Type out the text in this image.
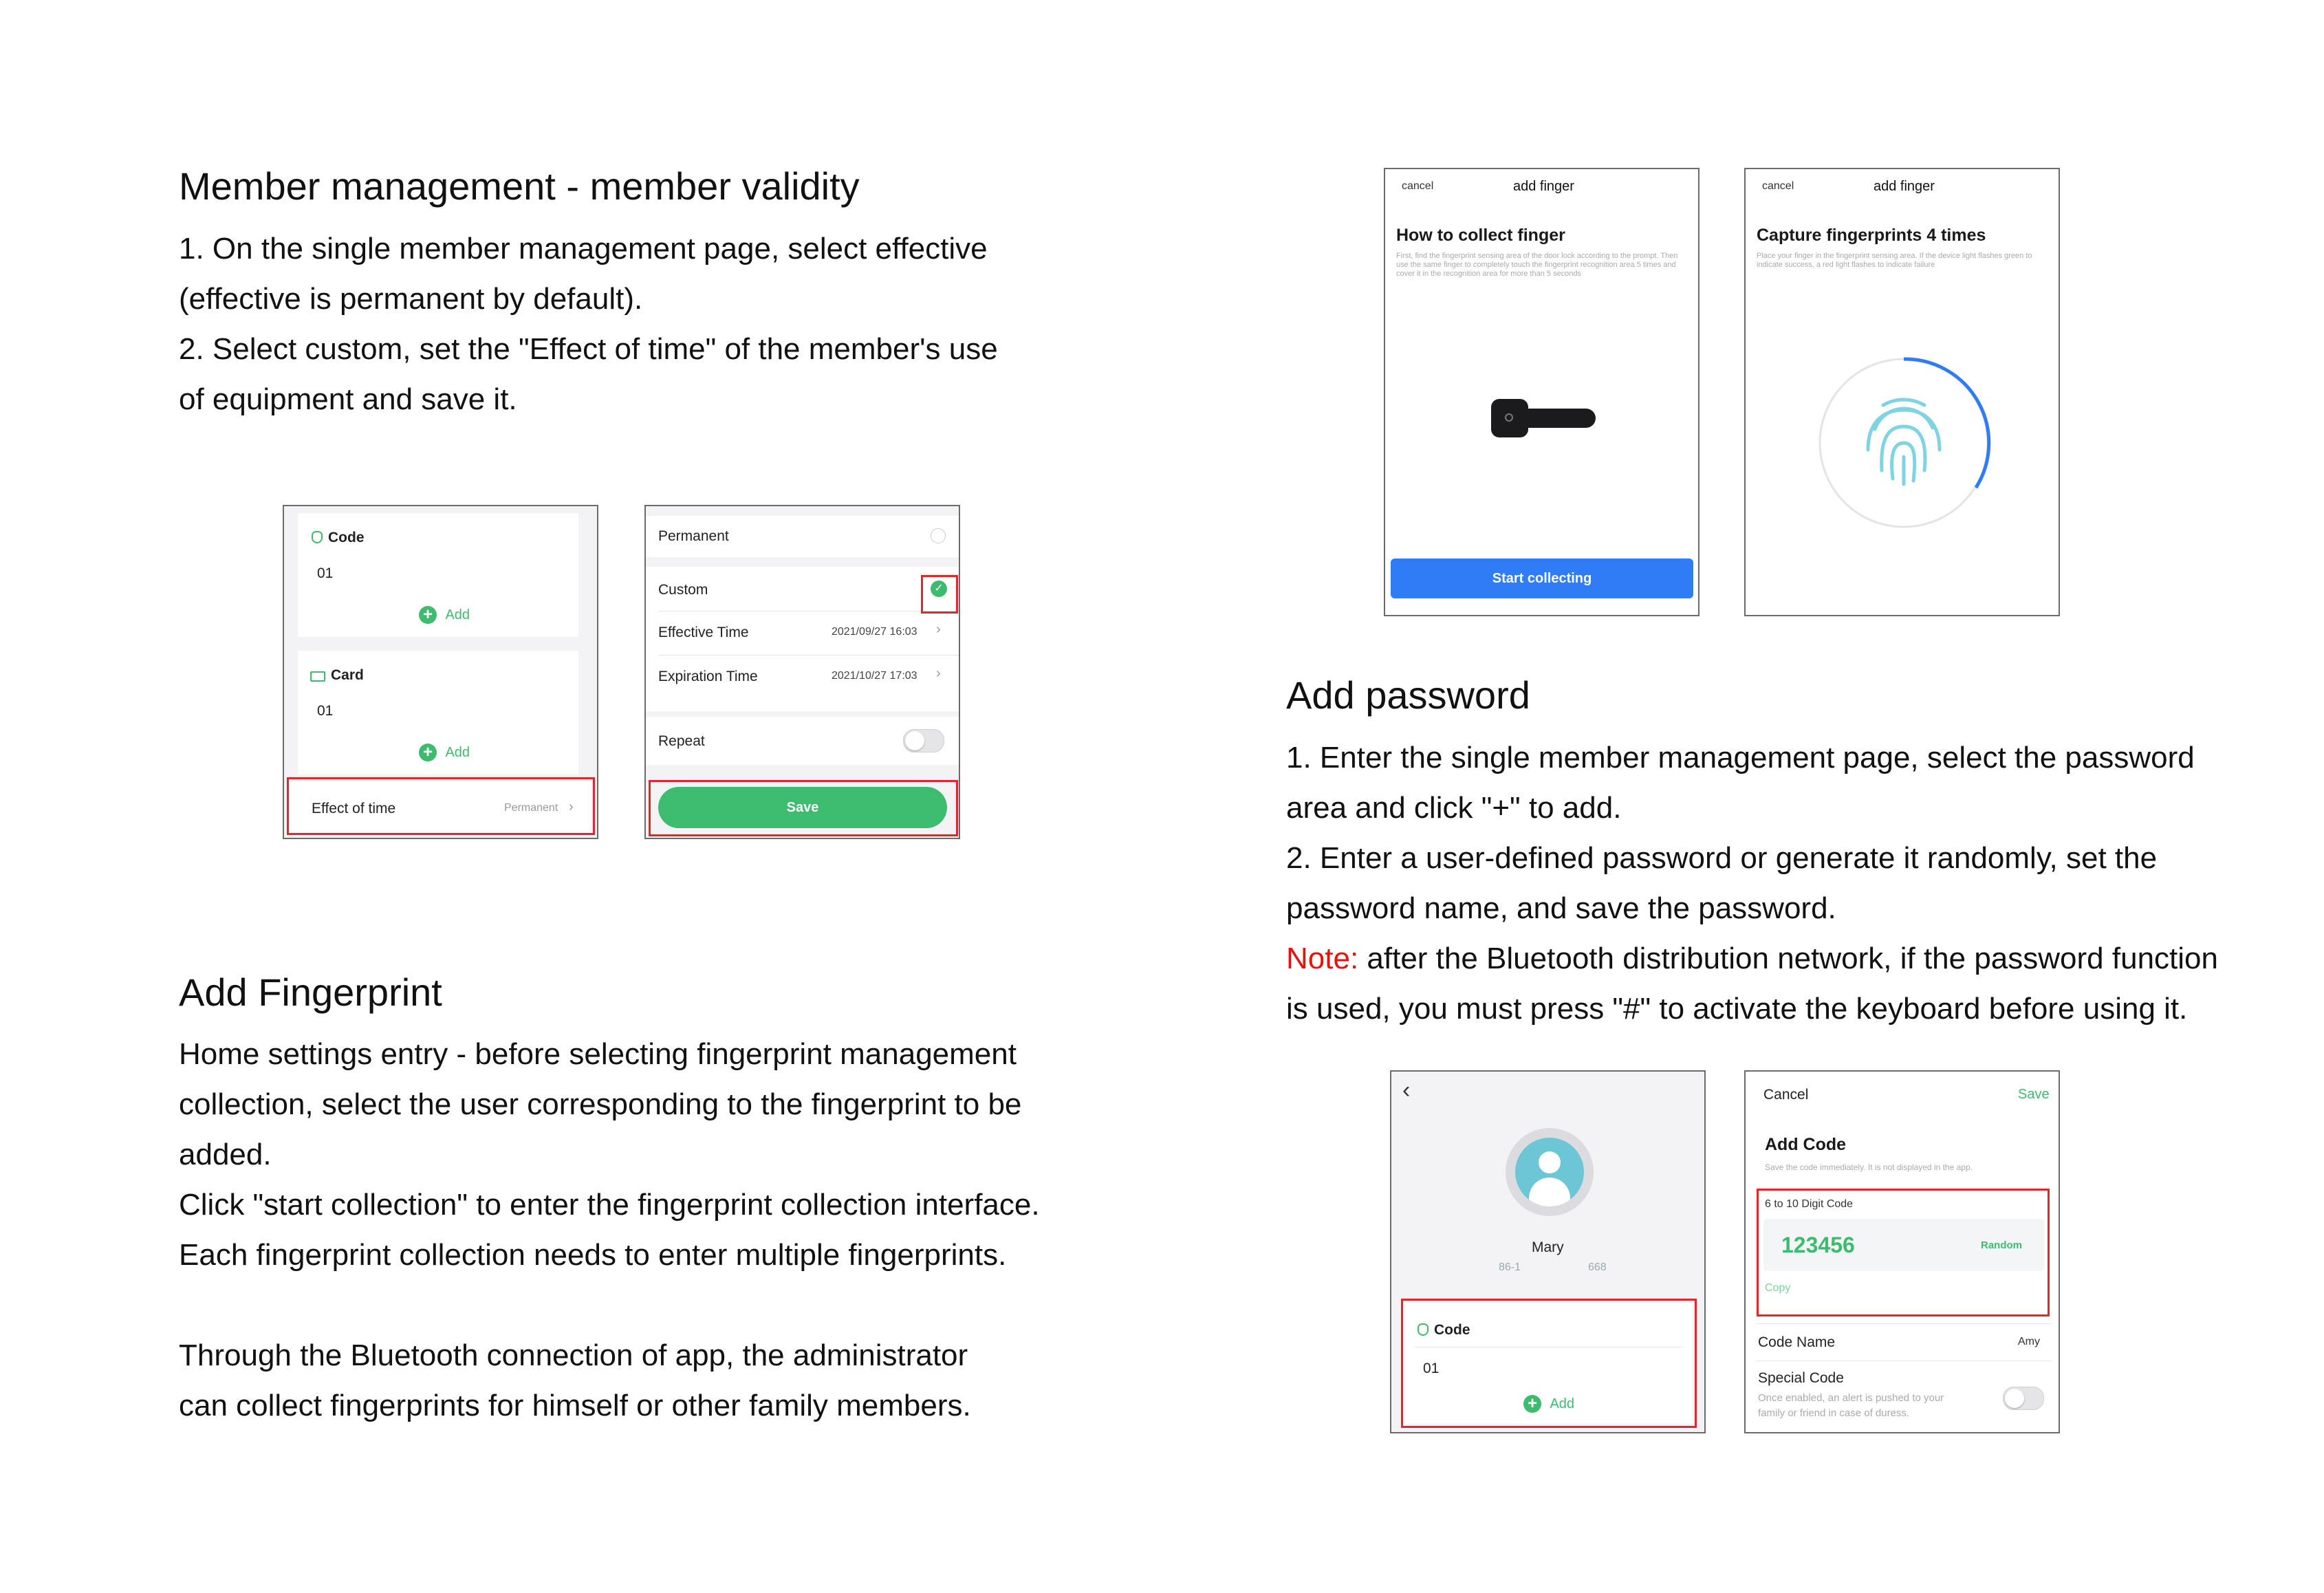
Member management - member validity

1. On the single member management page, select effective

(effective is permanent by default).

2. Select custom, set the "Effect of time" of the member's use

of equipment and save it.

Code
01
+ Add
Card
01
+ Add
Effect of time	Permanent ›
Permanent
Custom	✓
Effective Time	2021/09/27 16:03 ›
Expiration Time	2021/10/27 17:03 ›
Repeat
Save
Add Fingerprint

Home settings entry - before selecting fingerprint management

collection, select the user corresponding to the fingerprint to be

added.

Click "start collection" to enter the fingerprint collection interface.

Each fingerprint collection needs to enter multiple fingerprints.

Through the Bluetooth connection of app, the administrator

can collect fingerprints for himself or other family members.

cancel	add finger
How to collect finger
First, find the fingerprint sensing area of the door lock according to the prompt. Then use the same finger to completely touch the fingerprint recognition area 5 times and cover it in the recognition area for more than 5 seconds
Start collecting
cancel	add finger
Capture fingerprints 4 times
Place your finger in the fingerprint sensing area. If the device light flashes green to indicate success, a red light flashes to indicate failure
Add password

1. Enter the single member management page, select the password

area and click "+" to add.

2. Enter a user-defined password or generate it randomly, set the

password name, and save the password.

Note: after the Bluetooth distribution network, if the password function

is used, you must press "#" to activate the keyboard before using it.

‹
Mary
86-1	668
Code
01
+ Add
Cancel	Save
Add Code
Save the code immediately. It is not displayed in the app.
6 to 10 Digit Code
123456	Random
Copy
Code Name	Amy
Special Code
Once enabled, an alert is pushed to your
family or friend in case of duress.
